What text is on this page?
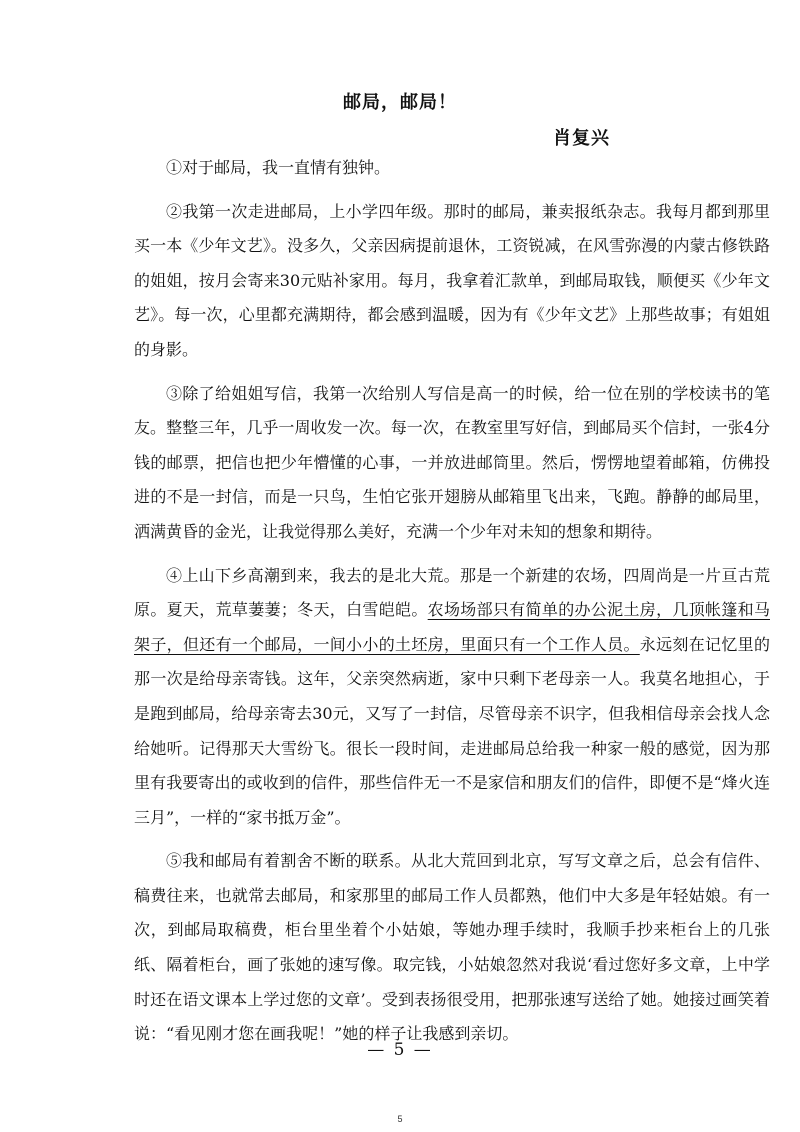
邮局，邮局！
肖复兴

①对于邮局，我一直情有独钟。

②我第一次走进邮局，上小学四年级。那时的邮局，兼卖报纸杂志。我每月都到那里买一本《少年文艺》。没多久，父亲因病提前退休，工资锐减，在风雪弥漫的内蒙古修铁路的姐姐，按月会寄来30元贴补家用。每月，我拿着汇款单，到邮局取钱，顺便买《少年文艺》。每一次，心里都充满期待，都会感到温暖，因为有《少年文艺》上那些故事；有姐姐的身影。

③除了给姐姐写信，我第一次给别人写信是高一的时候，给一位在别的学校读书的笔友。整整三年，几乎一周收发一次。每一次，在教室里写好信，到邮局买个信封，一张4分钱的邮票，把信也把少年懵懂的心事，一并放进邮筒里。然后，愣愣地望着邮箱，仿佛投进的不是一封信，而是一只鸟，生怕它张开翅膀从邮箱里飞出来，飞跑。静静的邮局里，洒满黄昏的金光，让我觉得那么美好，充满一个少年对未知的想象和期待。

④上山下乡高潮到来，我去的是北大荒。那是一个新建的农场，四周尚是一片亘古荒原。夏天，荒草萋萋；冬天，白雪皑皑。农场场部只有简单的办公泥土房，几顶帐篷和马架子，但还有一个邮局，一间小小的土坯房，里面只有一个工作人员。永远刻在记忆里的那一次是给母亲寄钱。这年，父亲突然病逝，家中只剩下老母亲一人。我莫名地担心，于是跑到邮局，给母亲寄去30元，又写了一封信，尽管母亲不识字，但我相信母亲会找人念给她听。记得那天大雪纷飞。很长一段时间，走进邮局总给我一种家一般的感觉，因为那里有我要寄出的或收到的信件，那些信件无一不是家信和朋友们的信件，即便不是“烽火连三月”，一样的“家书抵万金”。

⑤我和邮局有着割舍不断的联系。从北大荒回到北京，写写文章之后，总会有信件、稿费往来，也就常去邮局，和家那里的邮局工作人员都熟，他们中大多是年轻姑娘。有一次，到邮局取稿费，柜台里坐着个小姑娘，等她办理手续时，我顺手抄来柜台上的几张纸、隔着柜台，画了张她的速写像。取完钱，小姑娘忽然对我说‘看过您好多文章，上中学时还在语文课本上学过您的文章’。受到表扬很受用，把那张速写送给了她。她接过画笑着说：“看见刚才您在画我呢！”她的样子让我感到亲切。

— 5 —
5
